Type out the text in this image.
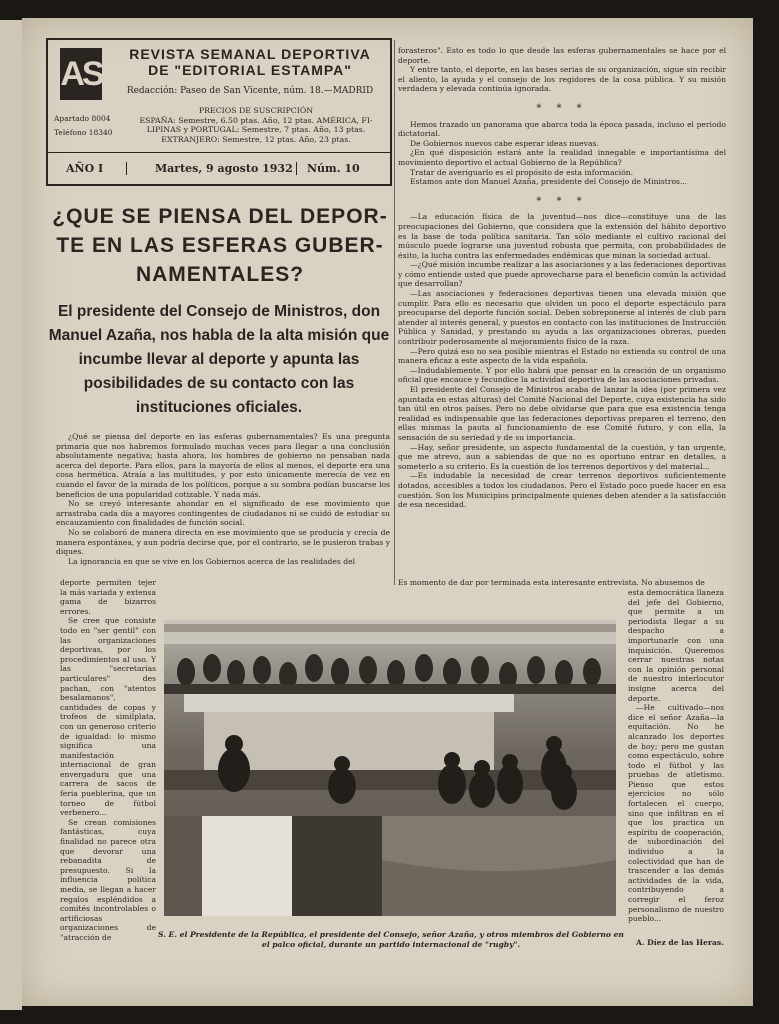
AS
REVISTA SEMANAL DEPORTIVA
DE "EDITORIAL ESTAMPA"
Redacción: Paseo de San Vicente, núm. 18.—MADRID
Apartado 8004
Teléfono 18340
PRECIOS DE SUSCRIPCIÓN
ESPAÑA: Semestre, 6.50 ptas. Año, 12 ptas. AMÉRICA, FI-
LIPINAS y PORTUGAL: Semestre, 7 ptas. Año, 13 ptas.
EXTRANJERO: Semestre, 12 ptas. Año, 23 ptas.
AÑO I	Martes, 9 agosto 1932	Núm. 10
¿QUE SE PIENSA DEL DEPOR-
TE EN LAS ESFERAS GUBER-
NAMENTALES?
El presidente del Consejo de Ministros, don Manuel Azaña, nos habla de la alta misión que incumbe llevar al deporte y apunta las posibilidades de su contacto con las instituciones oficiales.

¿Qué se piensa del deporte en las esferas gubernamentales? Es una pregunta primaria que nos habremos formulado muchas veces para llegar a una conclusión absolutamente negativa; hasta ahora, los hombres de gobierno no pensaban nada acerca del deporte. Para ellos, para la mayoría de ellos al menos, el deporte era una cosa hermética. Atraía a las multitudes, y por esto únicamente merecía de vez en cuando el favor de la mirada de los políticos, porque a su sombra podían buscarse los beneficios de una popularidad cotizable. Y nada más.

No se creyó interesante ahondar en el significado de ese movimiento que arrastraba cada día a mayores contingentes de ciudadanos ni se cuidó de estudiar su encauzamiento con finalidades de función social.

No se colaboró de manera directa en ese movimiento que se producía y crecía de manera espontánea, y aun podría decirse que, por el contrario, se le pusieron trabas y diques.

La ignorancia en que se vive en los Gobiernos acerca de las realidades del

forasteros". Esto es todo lo que desde las esferas gubernamentales se hace por el deporte.

Y entre tanto, el deporte, en las bases serias de su organización, sigue sin recibir el aliento, la ayuda y el consejo de los regidores de la cosa pública. Y su misión verdadera y elevada continúa ignorada.

* * *

Hemos trazado un panorama que abarca toda la época pasada, incluso el periodo dictatorial.

De Gobiernos nuevos cabe esperar ideas nuevas.

¿En qué disposición estará ante la realidad innegable e importantísima del movimiento deportivo el actual Gobierno de la República?

Tratar de averiguarlo es el propósito de esta información.

Estamos ante don Manuel Azaña, presidente del Consejo de Ministros...

* * *

—La educación física de la juventud—nos dice—constituye una de las preocupaciones del Gobierno, que considera que la extensión del hábito deportivo es la base de toda política sanitaria. Tan sólo mediante el cultivo racional del músculo puede lograrse una juventud robusta que permita, con probabilidades de éxito, la lucha contra las enfermedades endémicas que minan la sociedad actual.

—¿Qué misión incumbe realizar a las asociaciones y a las federaciones deportivas y cómo entiende usted que puede aprovecharse para el beneficio común la actividad que desarrollan?

—Las asociaciones y federaciones deportivas tienen una elevada misión que cumplir. Para ello es necesario que olviden un poco el deporte espectáculo para preocuparse del deporte función social. Deben sobreponerse al interés de club para atender al interés general, y puestos en contacto con las instituciones de Instrucción Pública y Sanidad, y prestando su ayuda a las organizaciones obreras, pueden contribuir poderosamente al mejoramiento físico de la raza.

—Pero quizá eso no sea posible mientras el Estado no extienda su control de una manera eficaz a este aspecto de la vida española.

—Indudablemente. Y por ello habrá que pensar en la creación de un organismo oficial que encauce y fecundice la actividad deportiva de las asociaciones privadas.

El presidente del Consejo de Ministros acaba de lanzar la idea (por primera vez apuntada en estas alturas) del Comité Nacional del Deporte, cuya existencia ha sido tan útil en otros países. Pero no debe olvidarse que para que esa existencia tenga realidad es indispensable que las federaciones deportivas preparen el terreno, den ellas mismas la pauta al funcionamiento de ese Comité futuro, y con ella, la sensación de su seriedad y de su importancia.

—Hay, señor presidente, un aspecto fundamental de la cuestión, y tan urgente, que me atrevo, aun a sabiendas de que no es oportuno entrar en detalles, a someterlo a su criterio. Es la cuestión de los terrenos deportivos y del material...

—Es indudable la necesidad de crear terrenos deportivos suficientemente dotados, accesibles a todos los ciudadanos. Pero el Estado poco puede hacer en esa cuestión. Son los Municipios principalmente quienes deben atender a la satisfacción de esa necesidad.

Es momento de dar por terminada esta interesante entrevista. No abusemos de

deporte permiten tejer la más variada y extensa gama de bizarros errores.

Se cree que consiste todo en "ser gentil" con las organizaciones deportivas, por los procedimientos al uso. Y las "secretarías particulares" des pachan, con "atentos besalamanos", cantidades de copas y trofeos de similplata, con un generoso criterio de igualdad: lo mismo significa una manifestación internacional de gran envergadura que una carrera de sacos de feria pueblerina, que un torneo de fútbol verbenero...

Se crean comisiones fantásticas, cuya finalidad no parece otra que devorar una rebanadita de presupuesto. Si la influencia política media, se llegan a hacer regalos espléndidos a comités incontrolables o artificiosas organizaciones de "atracción de

esta democrática llaneza del jefe del Gobierno, que permite a un periodista llegar a su despacho a importunarle con una inquisición. Queremos cerrar nuestras notas con la opinión personal de nuestro interlocutor insigne acerca del deporte.

—He cultivado—nos dice el señor Azaña—la equitación. No he alcanzado los deportes de hoy; pero me gustan como espectáculo, sobre todo el fútbol y las pruebas de atletismo. Pienso que estos ejercicios no sólo fortalecen el cuerpo, sino que infiltran en el que los practica un espíritu de cooperación, de subordinación del individuo a la colectividad que han de trascender a las demás actividades de la vida, contribuyendo a corregir el feroz personalismo de nuestro pueblo...

S. E. el Presidente de la República, el presidente del Consejo, señor Azaña, y otros miembros del Gobierno en el palco oficial, durante un partido internacional de "rugby".	A. Díez de las Heras.
